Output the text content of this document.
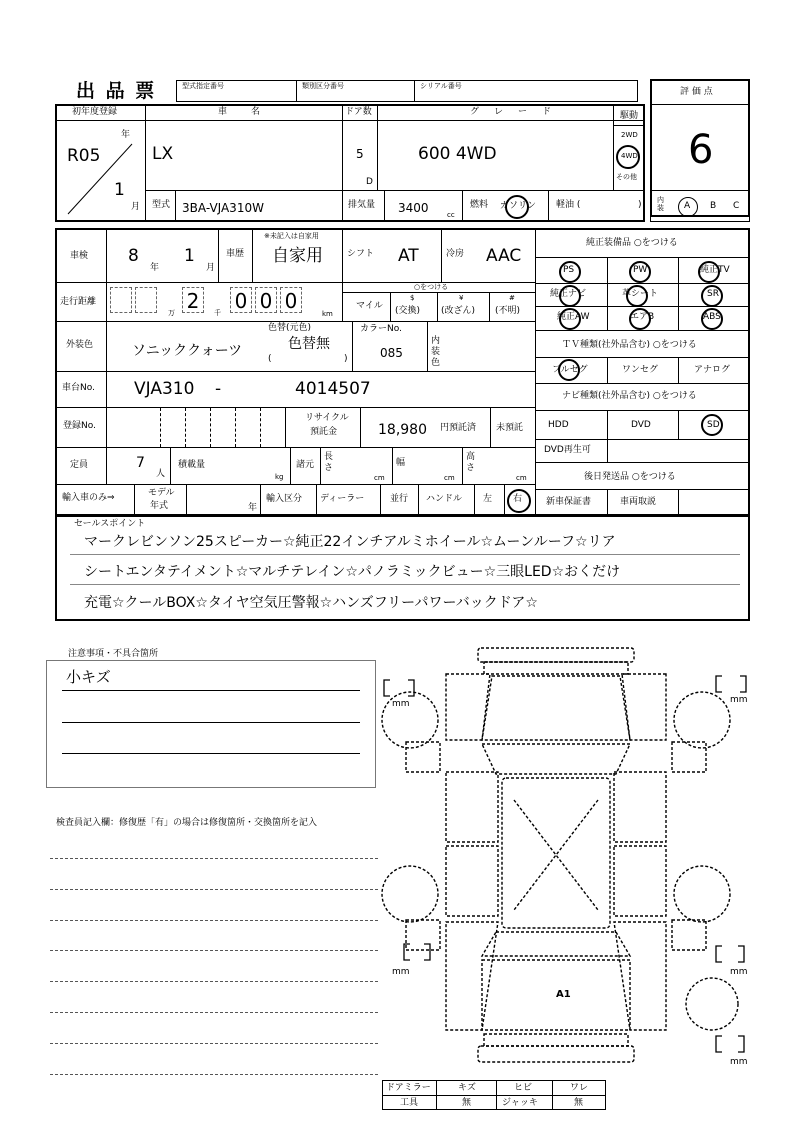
出 品 票	型式指定番号	類別区分番号	シリアル番号
評 価 点
6
初年度登録
年
月
R05
1
車　　名
LX
ドア数
5
D
グ　レ　ー　ド
600 4WD
駆動
2WD
4WD
その他
型式 3BA-VJA310W	排気量 3400	cc
燃料 ガソリン 軽油 (	) 内装	A B C
車検 8
年
1
月
車歴
※未記入は自家用
自家用	シフト AT	冷房 AAC
走行距離
万 2	千 0 0 0
km
○をつける
マイル
$
(交換)
¥
(改ざん)
#
(不明)
外装色	ソニッククォーツ
色替(元色)
色替無
(	)
カラーNo.
085
内装色
車台No. VJA310 -	4014507
登録No.
リサイクル
預託金	18,980 円預託済 未預託
定員	7
人
積載量
kg
諸元
長さ
cm
幅
cm
高さ
cm
輸入車のみ⇒	モデル
年式	年
輸入区分 ディーラー	並行 ハンドル 左 右
純正装備品 ○をつける
PS	PW	純正TV
純正ナビ	革シート	SR
純正AW	エアB	ABS
ＴＶ種類(社外品含む) ○をつける
フルセグ	ワンセグ	アナログ
ナビ種類(社外品含む) ○をつける
HDD	DVD	SD
DVD再生可
後日発送品 ○をつける
新車保証書	車両取説
セールスポイント
マークレビンソン25スピーカー☆純正22インチアルミホイール☆ムーンルーフ☆リア
シートエンタテイメント☆マルチテレイン☆パノラミックビュー☆三眼LED☆おくだけ
充電☆クールBOX☆タイヤ空気圧警報☆ハンズフリーパワーバックドア☆
注意事項・不具合箇所
小キズ
検査員記入欄：修復歴「有」の場合は修復箇所・交換箇所を記入
mm	mm
mm	mm
mm
A1
ドアミラー	キズ	ヒビ	ワレ
工具	無	ジャッキ	無
